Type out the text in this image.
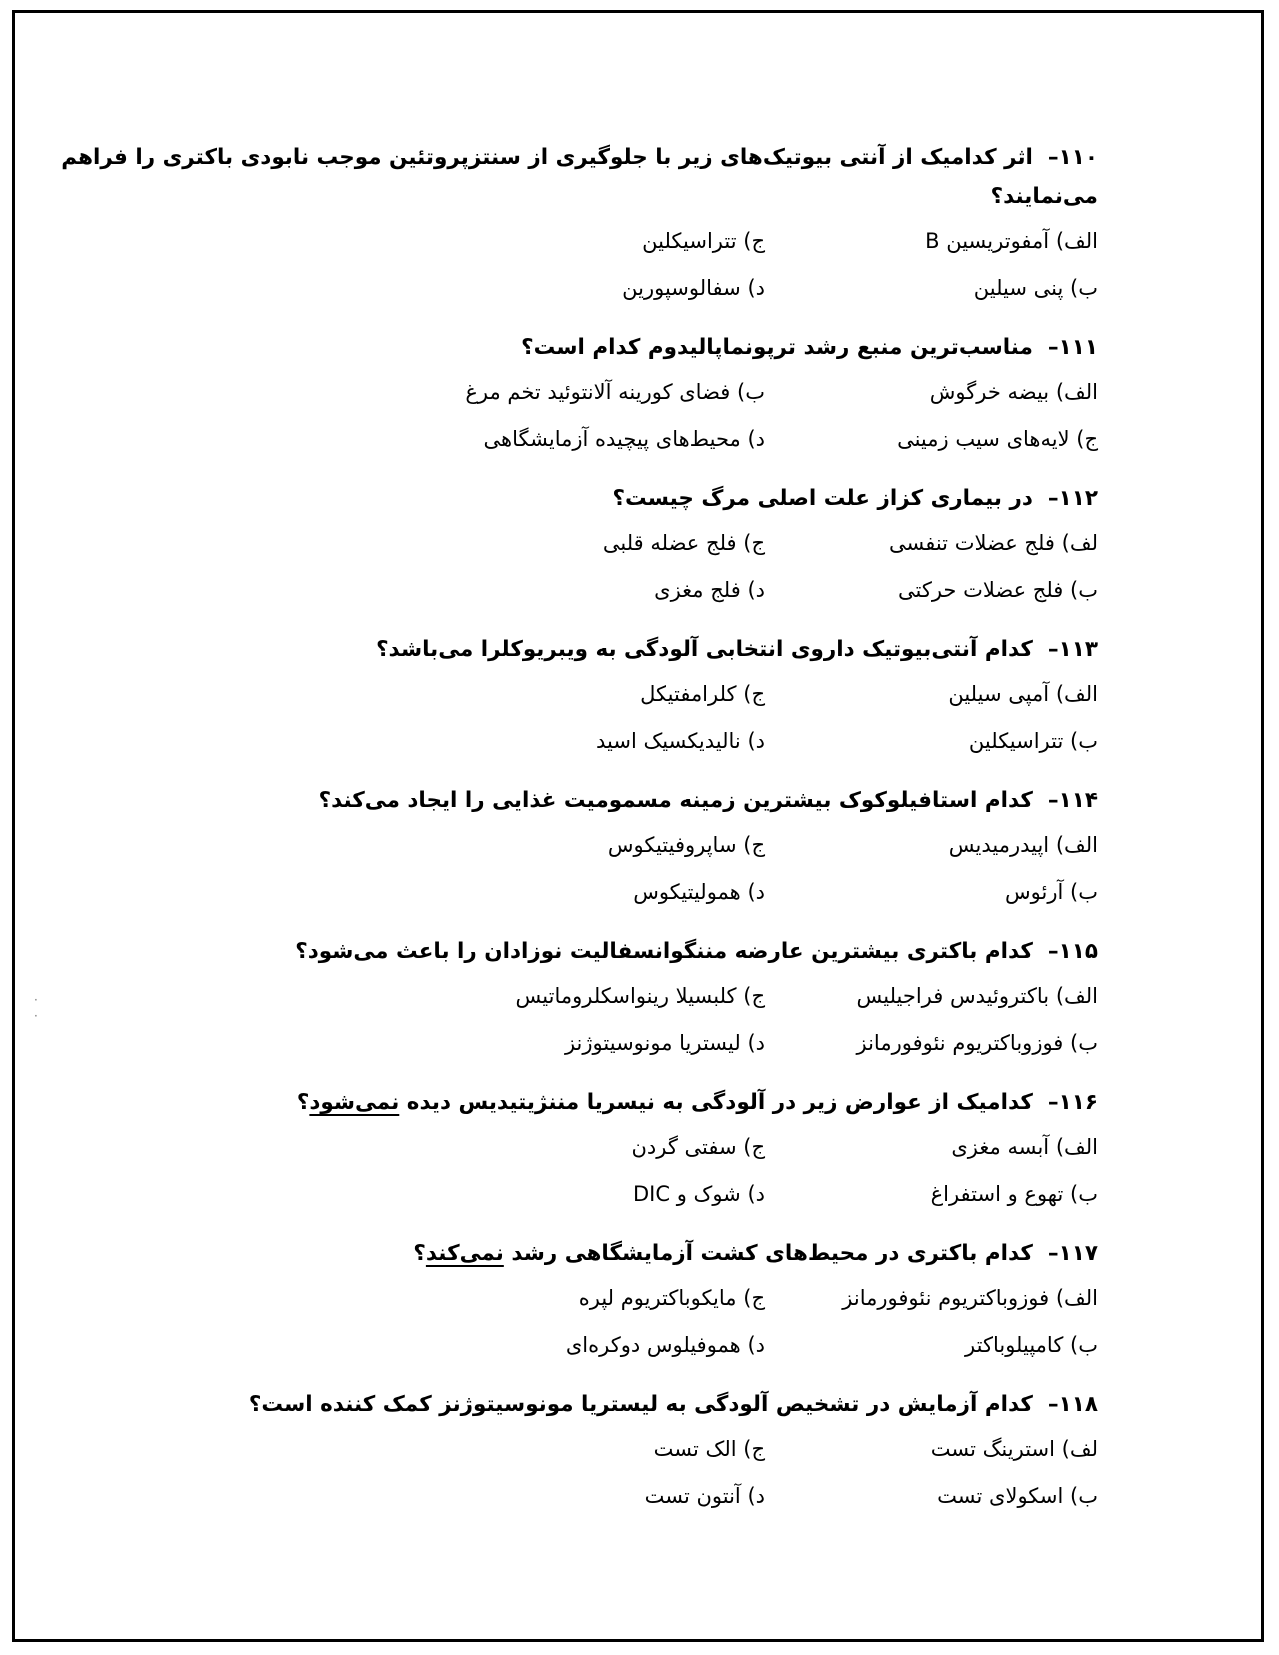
۱۱۰–  اثر کدامیک از آنتی بیوتیک‌های زیر با جلوگیری از سنتزپروتئین موجب نابودی باکتری را فراهم می‌نمایند؟
الف) آمفوتریسین B
ج) تتراسیکلین
ب) پنی سیلین
د) سفالوسپورین
۱۱۱–  مناسب‌ترین منبع رشد ترپونماپالیدوم کدام است؟
الف) بیضه خرگوش
ب) فضای کورینه آلانتوئید تخم مرغ
ج) لایه‌های سیب زمینی
د) محیط‌های پیچیده آزمایشگاهی
۱۱۲–  در بیماری کزاز علت اصلی مرگ چیست؟
لف) فلج عضلات تنفسی
ج) فلج عضله قلبی
ب) فلج عضلات حرکتی
د) فلج مغزی
۱۱۳–  کدام آنتی‌بیوتیک داروی انتخابی آلودگی به ویبریوکلرا می‌باشد؟
الف) آمپی سیلین
ج) کلرامفتیکل
ب) تتراسیکلین
د) نالیدیکسیک اسید
۱۱۴–  کدام استافیلوکوک بیشترین زمینه مسمومیت غذایی را ایجاد می‌کند؟
الف) اپیدرمیدیس
ج) ساپروفیتیکوس
ب) آرئوس
د) همولیتیکوس
۱۱۵–  کدام باکتری بیشترین عارضه مننگوانسفالیت نوزادان را باعث می‌شود؟
الف) باکتروئیدس فراجیلیس
ج) کلبسیلا رینواسکلروماتیس
ب) فوزوباکتریوم نئوفورمانز
د) لیستریا مونوسیتوژنز
۱۱۶–  کدامیک از عوارض زیر در آلودگی به نیسریا مننژیتیدیس دیده نمی‌شود؟
الف) آبسه مغزی
ج) سفتی گردن
ب) تهوع و استفراغ
د) شوک و DIC
۱۱۷–  کدام باکتری در محیط‌های کشت آزمایشگاهی رشد نمی‌کند؟
الف) فوزوباکتریوم نئوفورمانز
ج) مایکوباکتریوم لپره
ب) کامپیلوباکتر
د) هموفیلوس دوکره‌ای
۱۱۸–  کدام آزمایش در تشخیص آلودگی به لیستریا مونوسیتوژنز کمک کننده است؟
لف) استرینگ تست
ج) الک تست
ب) اسکولای تست
د) آنتون تست
·
·
